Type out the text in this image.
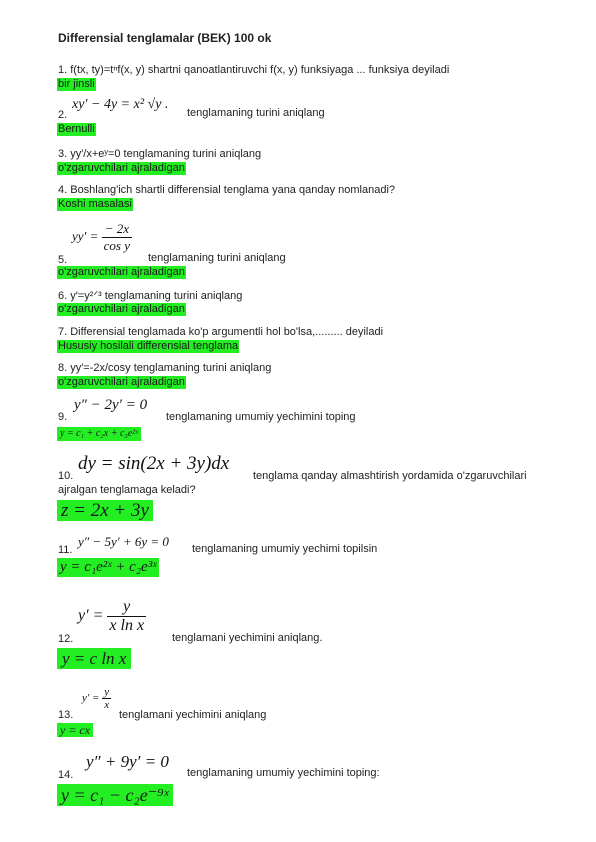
Differensial tenglamalar (BEK) 100 ok
1. f(tx, ty)=tⁿf(x, y) shartni qanoatlantiruvchi f(x, y) funksiyaga ... funksiya deyiladi
bir jinsli
2.
xy′ − 4y = x² √y .
tenglamaning turini aniqlang
Bernulli
3. yy′/x+eʸ=0 tenglamaning turini aniqlang
o'zgaruvchilari ajraladigan
4. Boshlang'ich shartli differensial tenglama yana qanday nomlanadi?
Koshi masalasi
$yy' = \frac{- 2x}{\text{cos y}}$
5.	tenglamaning turini aniqlang
o'zgaruvchilari ajraladigan
6. y′=y²ᐟ³ tenglamaning turini aniqlang
o'zgaruvchilari ajraladigan
7. Differensial tenglamada ko'p argumentli hol bo'lsa,......... deyiladi
Hususiy hosilali differensial tenglama
8. yy′=-2x/cosy tenglamaning turini aniqlang
o'zgaruvchilari ajraladigan
9.
y″ − 2y′ = 0
tenglamaning umumiy yechimini toping
y = c₁ + c₂x + c₃e²ˣ
10.
dy = sin(2x + 3y)dx
tenglama qanday almashtirish yordamida o'zgaruvchilari
ajralgan tenglamaga keladi?
z = 2x + 3y
11.
y″ − 5y′ + 6y = 0 tenglamaning umumiy yechimi topilsin
y = c₁e²ˣ + c₂e³ˣ
$y' = \frac{y}{\text{x ln x}}$
12.	tenglamani yechimini aniqlang.
y = c ln x
$y' = \frac{y}{x}$
13.	tenglamani yechimini aniqlang
y = cx
14.
y″ + 9y′ = 0
tenglamaning umumiy yechimini toping:
y = c₁ − c₂e⁻⁹ˣ
